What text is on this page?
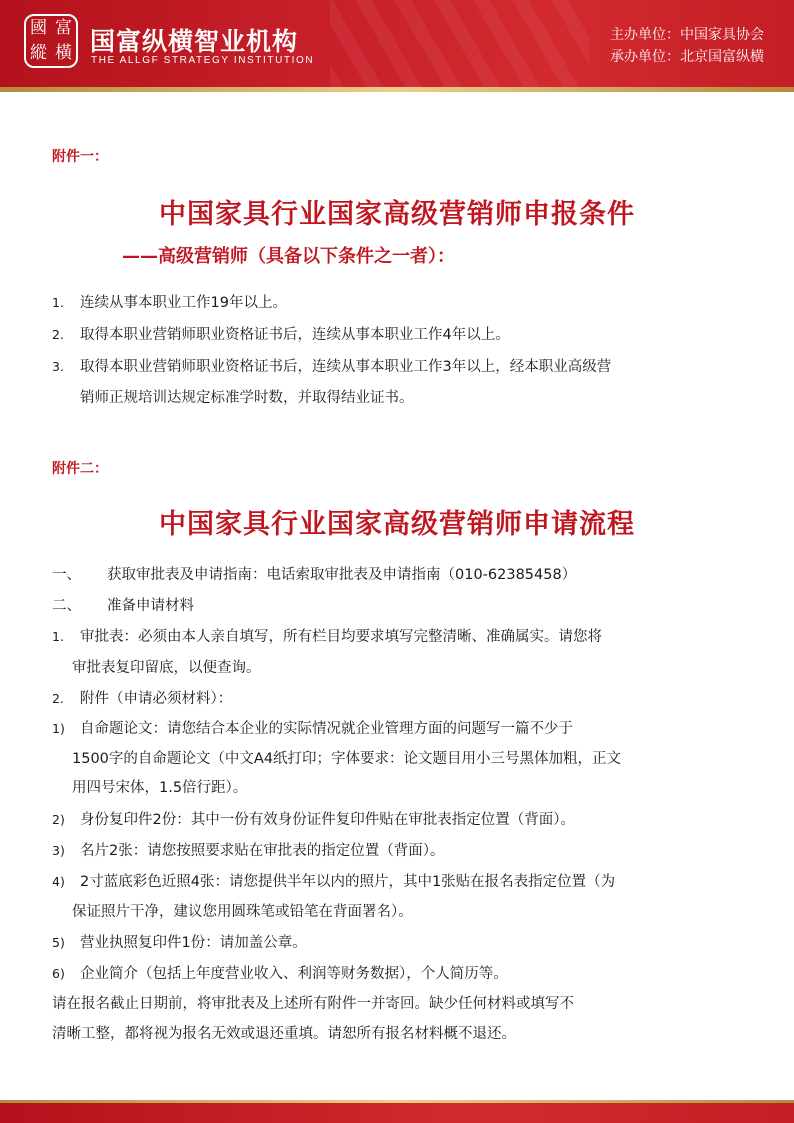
國 富
縱 橫 国富纵横智业机构
THE ALLGF STRATEGY INSTITUTION
主办单位：中国家具协会
承办单位：北京国富纵横
附件一：
中国家具行业国家高级营销师申报条件
——高级营销师（具备以下条件之一者）：
1. 连续从事本职业工作19年以上。
2. 取得本职业营销师职业资格证书后，连续从事本职业工作4年以上。
3. 取得本职业营销师职业资格证书后，连续从事本职业工作3年以上，经本职业高级营
销师正规培训达规定标准学时数，并取得结业证书。
附件二：
中国家具行业国家高级营销师申请流程
一、 获取审批表及申请指南：电话索取审批表及申请指南（010-62385458）
二、 准备申请材料
1. 审批表：必须由本人亲自填写，所有栏目均要求填写完整清晰、准确属实。请您将
审批表复印留底，以便查询。
2. 附件（申请必须材料）：
1) 自命题论文：请您结合本企业的实际情况就企业管理方面的问题写一篇不少于
1500字的自命题论文（中文A4纸打印；字体要求：论文题目用小三号黑体加粗，正文
用四号宋体，1.5倍行距）。
2) 身份复印件2份：其中一份有效身份证件复印件贴在审批表指定位置（背面）。
3) 名片2张：请您按照要求贴在审批表的指定位置（背面）。
4) 2寸蓝底彩色近照4张：请您提供半年以内的照片，其中1张贴在报名表指定位置（为
保证照片干净，建议您用圆珠笔或铅笔在背面署名）。
5) 营业执照复印件1份：请加盖公章。
6) 企业简介（包括上年度营业收入、利润等财务数据），个人简历等。
请在报名截止日期前，将审批表及上述所有附件一并寄回。缺少任何材料或填写不
清晰工整，都将视为报名无效或退还重填。请恕所有报名材料概不退还。
